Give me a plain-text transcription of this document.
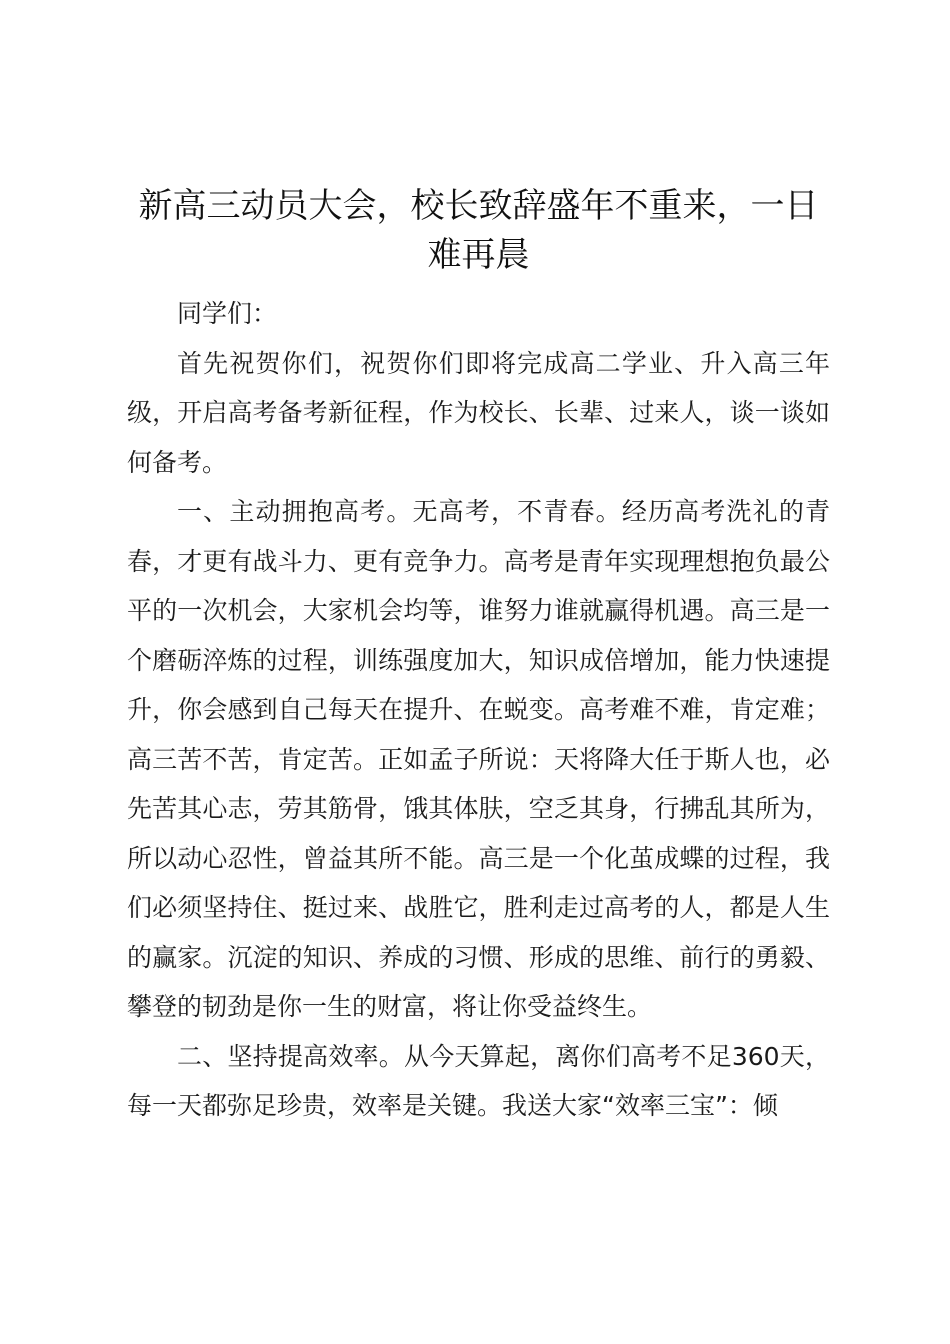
新高三动员大会，校长致辞盛年不重来，一日难再晨

同学们：

首先祝贺你们，祝贺你们即将完成高二学业、升入高三年级，开启高考备考新征程，作为校长、长辈、过来人，谈一谈如何备考。

一、主动拥抱高考。无高考，不青春。经历高考洗礼的青春，才更有战斗力、更有竞争力。高考是青年实现理想抱负最公平的一次机会，大家机会均等，谁努力谁就赢得机遇。高三是一个磨砺淬炼的过程，训练强度加大，知识成倍增加，能力快速提升，你会感到自己每天在提升、在蜕变。高考难不难，肯定难；高三苦不苦，肯定苦。正如孟子所说：天将降大任于斯人也，必先苦其心志，劳其筋骨，饿其体肤，空乏其身，行拂乱其所为，所以动心忍性，曾益其所不能。高三是一个化茧成蝶的过程，我们必须坚持住、挺过来、战胜它，胜利走过高考的人，都是人生的赢家。沉淀的知识、养成的习惯、形成的思维、前行的勇毅、攀登的韧劲是你一生的财富，将让你受益终生。

二、坚持提高效率。从今天算起，离你们高考不足360天，每一天都弥足珍贵，效率是关键。我送大家“效率三宝”：倾
